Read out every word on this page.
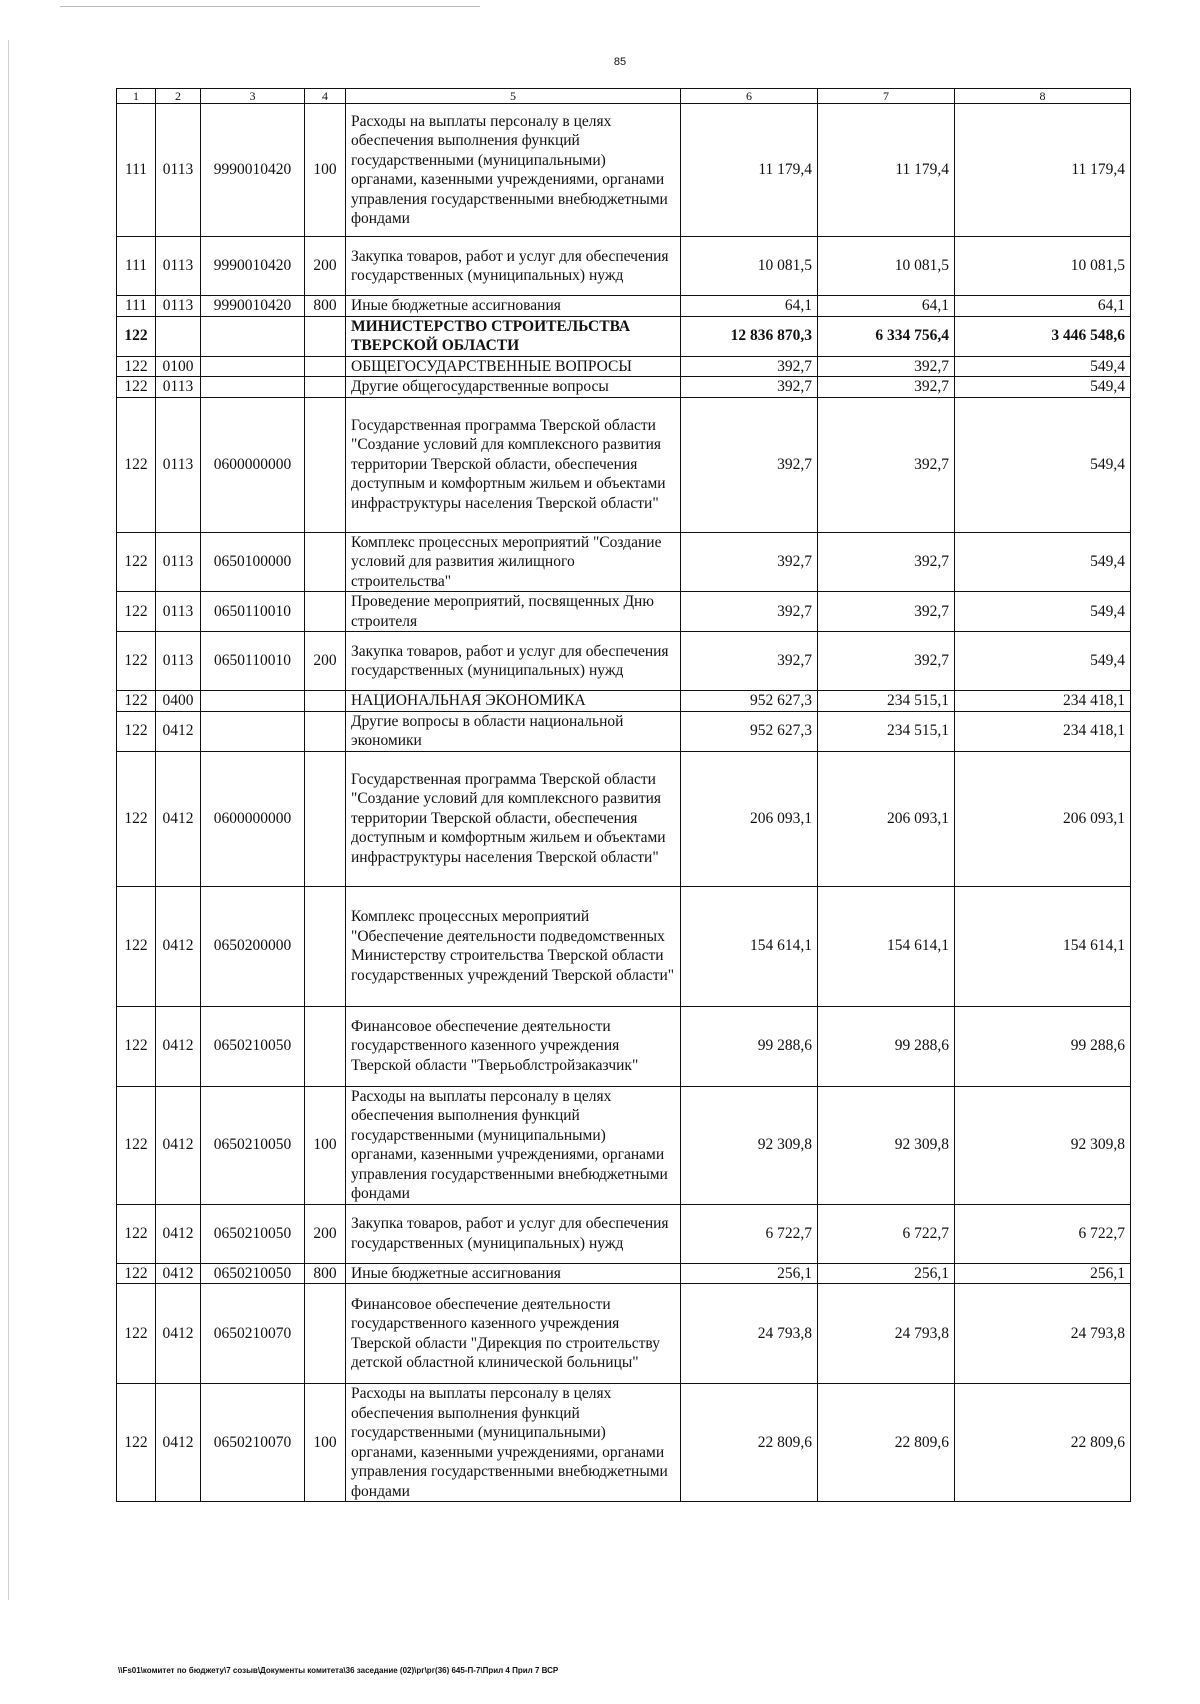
85
1	2	3	4	5	6	7	8
111	0113	9990010420	100	Расходы на выплаты персоналу в целях обеспечения выполнения функций государственными (муниципальными) органами, казенными учреждениями, органами управления государственными внебюджетными фондами	11 179,4	11 179,4	11 179,4
111	0113	9990010420	200	Закупка товаров, работ и услуг для обеспечения государственных (муниципальных) нужд	10 081,5	10 081,5	10 081,5
111	0113	9990010420	800	Иные бюджетные ассигнования	64,1	64,1	64,1
122				МИНИСТЕРСТВО СТРОИТЕЛЬСТВА ТВЕРСКОЙ ОБЛАСТИ	12 836 870,3	6 334 756,4	3 446 548,6
122	0100			ОБЩЕГОСУДАРСТВЕННЫЕ ВОПРОСЫ	392,7	392,7	549,4
122	0113			Другие общегосударственные вопросы	392,7	392,7	549,4
122	0113	0600000000		Государственная программа Тверской области "Создание условий для комплексного развития территории Тверской области, обеспечения доступным и комфортным жильем и объектами инфраструктуры населения Тверской области"	392,7	392,7	549,4
122	0113	0650100000		Комплекс процессных мероприятий "Создание условий для развития жилищного строительства"	392,7	392,7	549,4
122	0113	0650110010		Проведение мероприятий, посвященных Дню строителя	392,7	392,7	549,4
122	0113	0650110010	200	Закупка товаров, работ и услуг для обеспечения государственных (муниципальных) нужд	392,7	392,7	549,4
122	0400			НАЦИОНАЛЬНАЯ ЭКОНОМИКА	952 627,3	234 515,1	234 418,1
122	0412			Другие вопросы в области национальной экономики	952 627,3	234 515,1	234 418,1
122	0412	0600000000		Государственная программа Тверской области "Создание условий для комплексного развития территории Тверской области, обеспечения доступным и комфортным жильем и объектами инфраструктуры населения Тверской области"	206 093,1	206 093,1	206 093,1
122	0412	0650200000		Комплекс процессных мероприятий "Обеспечение деятельности подведомственных Министерству строительства Тверской области государственных учреждений Тверской области"	154 614,1	154 614,1	154 614,1
122	0412	0650210050		Финансовое обеспечение деятельности государственного казенного учреждения Тверской области "Тверьоблстройзаказчик"	99 288,6	99 288,6	99 288,6
122	0412	0650210050	100	Расходы на выплаты персоналу в целях обеспечения выполнения функций государственными (муниципальными) органами, казенными учреждениями, органами управления государственными внебюджетными фондами	92 309,8	92 309,8	92 309,8
122	0412	0650210050	200	Закупка товаров, работ и услуг для обеспечения государственных (муниципальных) нужд	6 722,7	6 722,7	6 722,7
122	0412	0650210050	800	Иные бюджетные ассигнования	256,1	256,1	256,1
122	0412	0650210070		Финансовое обеспечение деятельности государственного казенного учреждения Тверской области "Дирекция по строительству детской областной клинической больницы"	24 793,8	24 793,8	24 793,8
122	0412	0650210070	100	Расходы на выплаты персоналу в целях обеспечения выполнения функций государственными (муниципальными) органами, казенными учреждениями, органами управления государственными внебюджетными фондами	22 809,6	22 809,6	22 809,6
\\Fs01\комитет по бюджету\7 созыв\Документы комитета\36 заседание (02)\рг\рг(36) 645-П-7\Прил 4 Прил 7 ВСР
